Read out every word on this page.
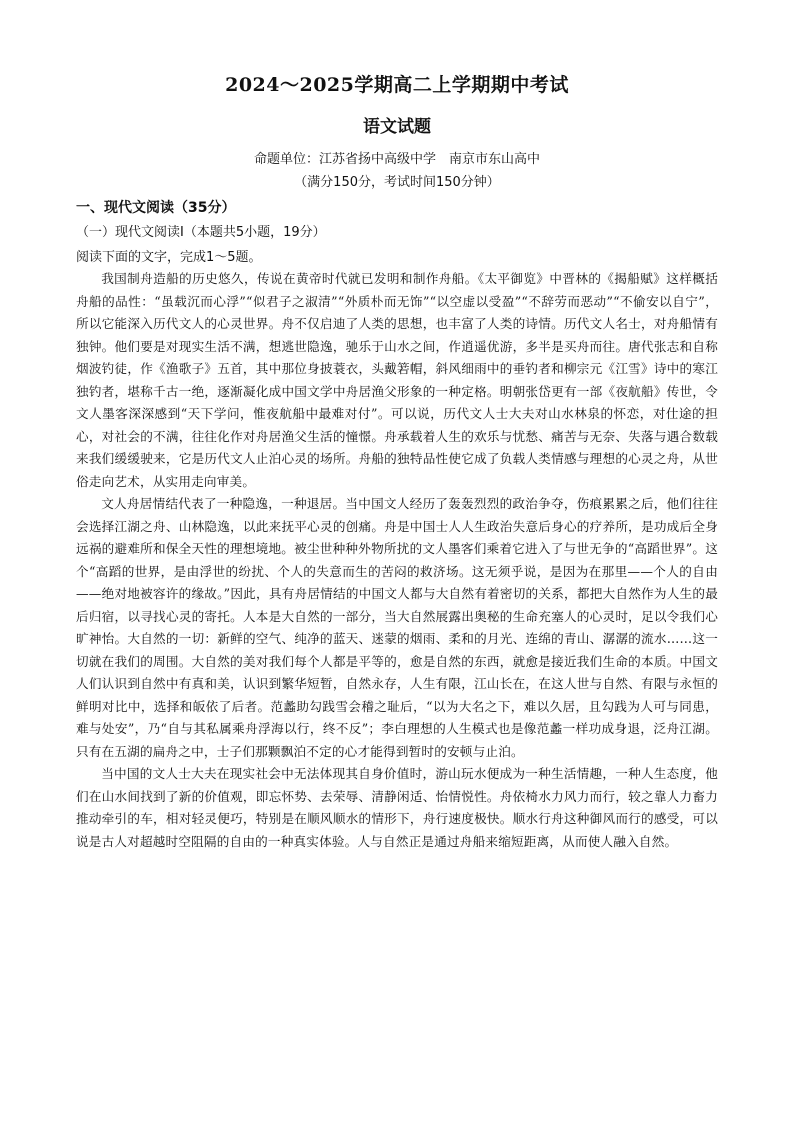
2024～2025学期高二上学期期中考试
语文试题
命题单位：江苏省扬中高级中学　南京市东山高中
（满分150分，考试时间150分钟）
一、现代文阅读（35分）
（一）现代文阅读Ⅰ（本题共5小题，19分）
阅读下面的文字，完成1～5题。

我国制舟造船的历史悠久，传说在黄帝时代就已发明和制作舟船。《太平御览》中晋林的《揭船赋》这样概括舟船的品性：“虽载沉而心浮”“似君子之淑清”“外质朴而无饰”“以空虚以受盈”“不辞劳而恶动”“不偷安以自宁”，所以它能深入历代文人的心灵世界。舟不仅启迪了人类的思想，也丰富了人类的诗情。历代文人名士，对舟船情有独钟。他们要是对现实生活不满，想逃世隐逸，驰乐于山水之间，作逍遥优游，多半是买舟而往。唐代张志和自称烟波钓徒，作《渔歌子》五首，其中那位身披蓑衣，头戴箬帽，斜风细雨中的垂钓者和柳宗元《江雪》诗中的寒江独钓者，堪称千古一绝，逐渐凝化成中国文学中舟居渔父形象的一种定格。明朝张岱更有一部《夜航船》传世，令文人墨客深深感到“天下学问，惟夜航船中最难对付”。可以说，历代文人士大夫对山水林泉的怀恋，对仕途的担心，对社会的不满，往往化作对舟居渔父生活的憧憬。舟承载着人生的欢乐与忧愁、痛苦与无奈、失落与遇合数载来我们缓缓驶来，它是历代文人止泊心灵的场所。舟船的独特品性使它成了负载人类情感与理想的心灵之舟，从世俗走向艺术，从实用走向审美。

文人舟居情结代表了一种隐逸，一种退居。当中国文人经历了轰轰烈烈的政治争夺，伤痕累累之后，他们往往会选择江湖之舟、山林隐逸，以此来抚平心灵的创痛。舟是中国士人人生政治失意后身心的疗养所，是功成后全身远祸的避难所和保全天性的理想境地。被尘世种种外物所扰的文人墨客们乘着它进入了与世无争的“高蹈世界”。这个“高蹈的世界，是由浮世的纷扰、个人的失意而生的苦闷的救济场。这无须乎说，是因为在那里——个人的自由——绝对地被容许的缘故。”因此，具有舟居情结的中国文人都与大自然有着密切的关系，都把大自然作为人生的最后归宿，以寻找心灵的寄托。人本是大自然的一部分，当大自然展露出奥秘的生命充塞人的心灵时，足以令我们心旷神怡。大自然的一切：新鲜的空气、纯净的蓝天、迷蒙的烟雨、柔和的月光、连绵的青山、潺潺的流水……这一切就在我们的周围。大自然的美对我们每个人都是平等的，愈是自然的东西，就愈是接近我们生命的本质。中国文人们认识到自然中有真和美，认识到繁华短暂，自然永存，人生有限，江山长在，在这人世与自然、有限与永恒的鲜明对比中，选择和皈依了后者。范蠡助勾践雪会稽之耻后，“以为大名之下，难以久居，且勾践为人可与同患，难与处安”，乃“自与其私属乘舟浮海以行，终不反”；李白理想的人生模式也是像范蠡一样功成身退，泛舟江湖。只有在五湖的扁舟之中，士子们那颗飘泊不定的心才能得到暂时的安顿与止泊。

当中国的文人士大夫在现实社会中无法体现其自身价值时，游山玩水便成为一种生活情趣，一种人生态度，他们在山水间找到了新的价值观，即忘怀势、去荣辱、清静闲适、怡情悦性。舟依椅水力风力而行，较之靠人力畜力推动牵引的车，相对轻灵便巧，特别是在顺风顺水的情形下，舟行速度极快。顺水行舟这种御风而行的感受，可以说是古人对超越时空阻隔的自由的一种真实体验。人与自然正是通过舟船来缩短距离，从而使人融入自然。
